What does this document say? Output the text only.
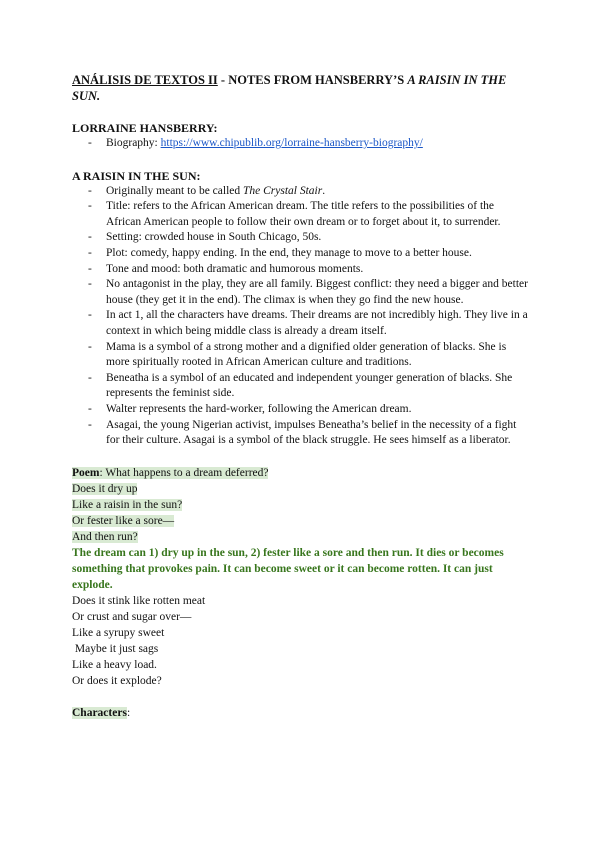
ANÁLISIS DE TEXTOS II - NOTES FROM HANSBERRY’S A RAISIN IN THE SUN.

LORRAINE HANSBERRY:

- Biography: https://www.chipublib.org/lorraine-hansberry-biography/

A RAISIN IN THE SUN:

- Originally meant to be called The Crystal Stair.
- Title: refers to the African American dream. The title refers to the possibilities of the African American people to follow their own dream or to forget about it, to surrender.
- Setting: crowded house in South Chicago, 50s.
- Plot: comedy, happy ending. In the end, they manage to move to a better house.
- Tone and mood: both dramatic and humorous moments.
- No antagonist in the play, they are all family. Biggest conflict: they need a bigger and better house (they get it in the end). The climax is when they go find the new house.
- In act 1, all the characters have dreams. Their dreams are not incredibly high. They live in a context in which being middle class is already a dream itself.
- Mama is a symbol of a strong mother and a dignified older generation of blacks. She is more spiritually rooted in African American culture and traditions.
- Beneatha is a symbol of an educated and independent younger generation of blacks. She represents the feminist side.
- Walter represents the hard-worker, following the American dream.
- Asagai, the young Nigerian activist, impulses Beneatha’s belief in the necessity of a fight for their culture. Asagai is a symbol of the black struggle. He sees himself as a liberator.

Poem: What happens to a dream deferred?

Does it dry up

Like a raisin in the sun?

Or fester like a sore—

And then run?

The dream can 1) dry up in the sun, 2) fester like a sore and then run. It dies or becomes something that provokes pain. It can become sweet or it can become rotten. It can just explode.

Does it stink like rotten meat

Or crust and sugar over—

Like a syrupy sweet

Maybe it just sags

Like a heavy load.

Or does it explode?

Characters:
